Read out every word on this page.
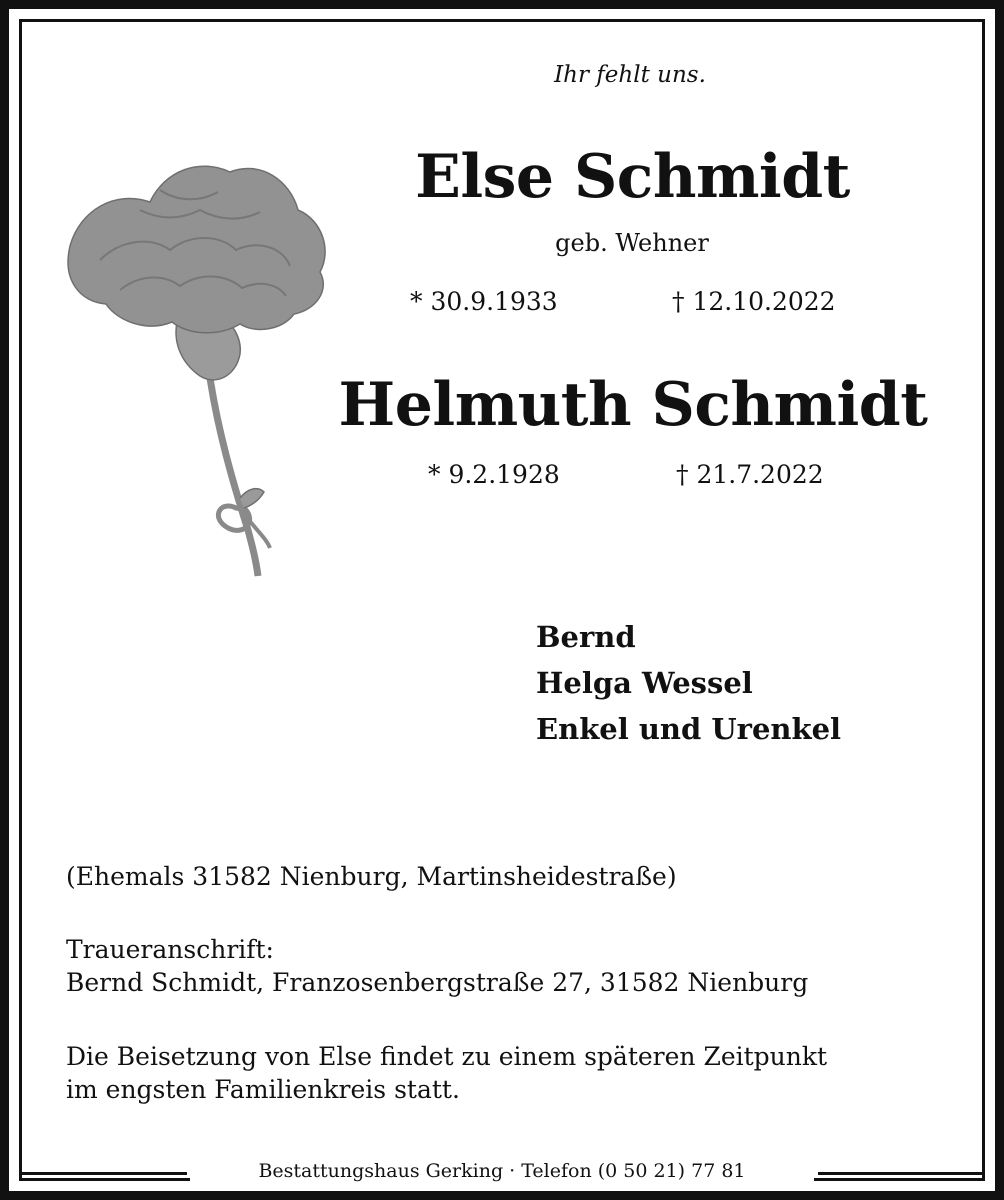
Ihr fehlt uns.
Else Schmidt
geb. Wehner
* 30.9.1933	† 12.10.2022
Helmuth Schmidt
* 9.2.1928	† 21.7.2022
Bernd
Helga Wessel
Enkel und Urenkel
(Ehemals 31582 Nienburg, Martinsheidestraße)
Traueranschrift:
Bernd Schmidt, Franzosenbergstraße 27, 31582 Nienburg
Die Beisetzung von Else findet zu einem späteren Zeitpunkt
im engsten Familienkreis statt.
Bestattungshaus Gerking · Telefon (0 50 21) 77 81
